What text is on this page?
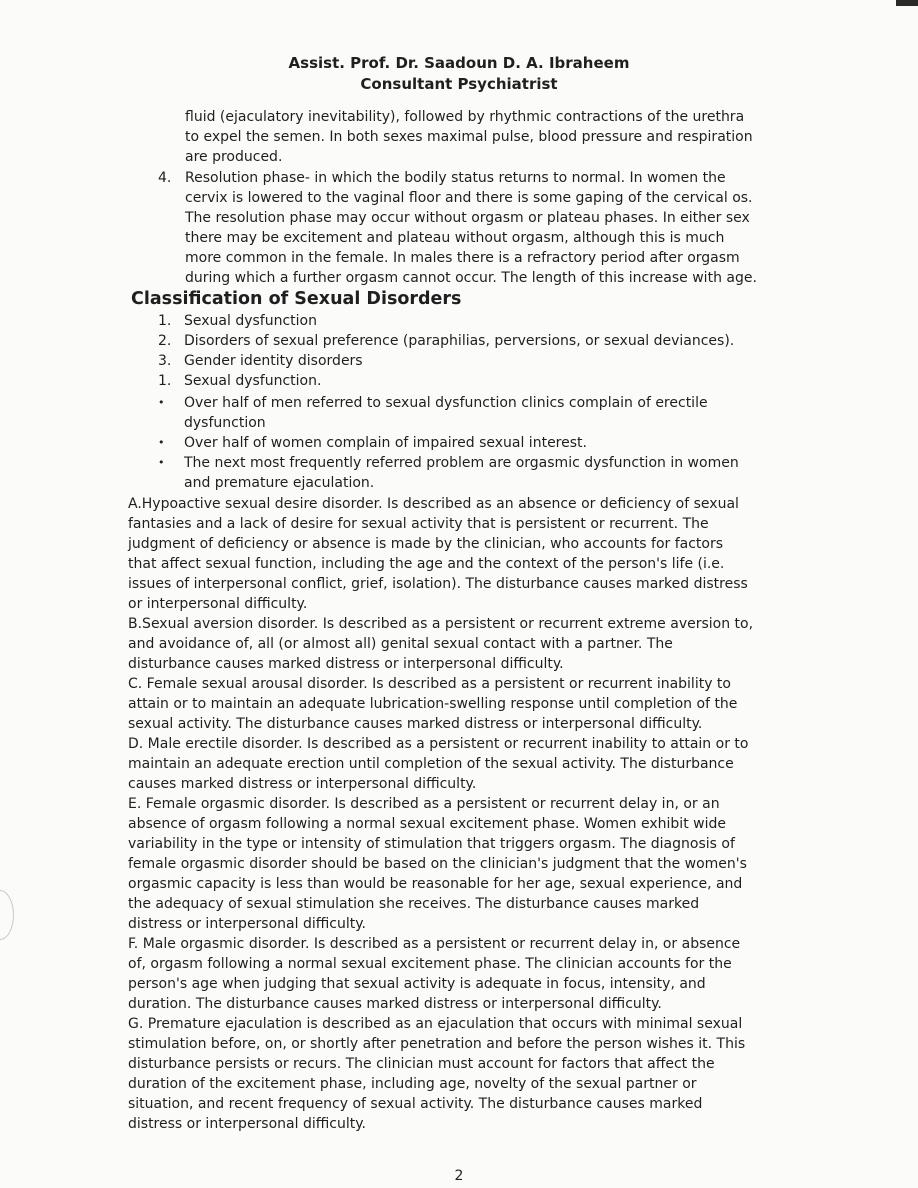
Assist. Prof. Dr. Saadoun D. A. Ibraheem
Consultant Psychiatrist
fluid (ejaculatory inevitability), followed by rhythmic contractions of the urethra to expel the semen. In both sexes maximal pulse, blood pressure and respiration are produced.
4. Resolution phase- in which the bodily status returns to normal. In women the cervix is lowered to the vaginal floor and there is some gaping of the cervical os. The resolution phase may occur without orgasm or plateau phases. In either sex there may be excitement and plateau without orgasm, although this is much more common in the female. In males there is a refractory period after orgasm during which a further orgasm cannot occur. The length of this increase with age.
Classification of Sexual Disorders
1. Sexual dysfunction
2. Disorders of sexual preference (paraphilias, perversions, or sexual deviances).
3. Gender identity disorders
1. Sexual dysfunction.
• Over half of men referred to sexual dysfunction clinics complain of erectile dysfunction
• Over half of women complain of impaired sexual interest.
• The next most frequently referred problem are orgasmic dysfunction in women and premature ejaculation.

A.Hypoactive sexual desire disorder. Is described as an absence or deficiency of sexual fantasies and a lack of desire for sexual activity that is persistent or recurrent. The judgment of deficiency or absence is made by the clinician, who accounts for factors that affect sexual function, including the age and the context of the person's life (i.e. issues of interpersonal conflict, grief, isolation). The disturbance causes marked distress or interpersonal difficulty.

B.Sexual aversion disorder. Is described as a persistent or recurrent extreme aversion to, and avoidance of, all (or almost all) genital sexual contact with a partner. The disturbance causes marked distress or interpersonal difficulty.

C. Female sexual arousal disorder. Is described as a persistent or recurrent inability to attain or to maintain an adequate lubrication-swelling response until completion of the sexual activity. The disturbance causes marked distress or interpersonal difficulty.

D. Male erectile disorder. Is described as a persistent or recurrent inability to attain or to maintain an adequate erection until completion of the sexual activity. The disturbance causes marked distress or interpersonal difficulty.

E. Female orgasmic disorder. Is described as a persistent or recurrent delay in, or an absence of orgasm following a normal sexual excitement phase. Women exhibit wide variability in the type or intensity of stimulation that triggers orgasm. The diagnosis of female orgasmic disorder should be based on the clinician's judgment that the women's orgasmic capacity is less than would be reasonable for her age, sexual experience, and the adequacy of sexual stimulation she receives. The disturbance causes marked distress or interpersonal difficulty.

F. Male orgasmic disorder. Is described as a persistent or recurrent delay in, or absence of, orgasm following a normal sexual excitement phase. The clinician accounts for the person's age when judging that sexual activity is adequate in focus, intensity, and duration. The disturbance causes marked distress or interpersonal difficulty.

G. Premature ejaculation is described as an ejaculation that occurs with minimal sexual stimulation before, on, or shortly after penetration and before the person wishes it. This disturbance persists or recurs. The clinician must account for factors that affect the duration of the excitement phase, including age, novelty of the sexual partner or situation, and recent frequency of sexual activity. The disturbance causes marked distress or interpersonal difficulty.

2
